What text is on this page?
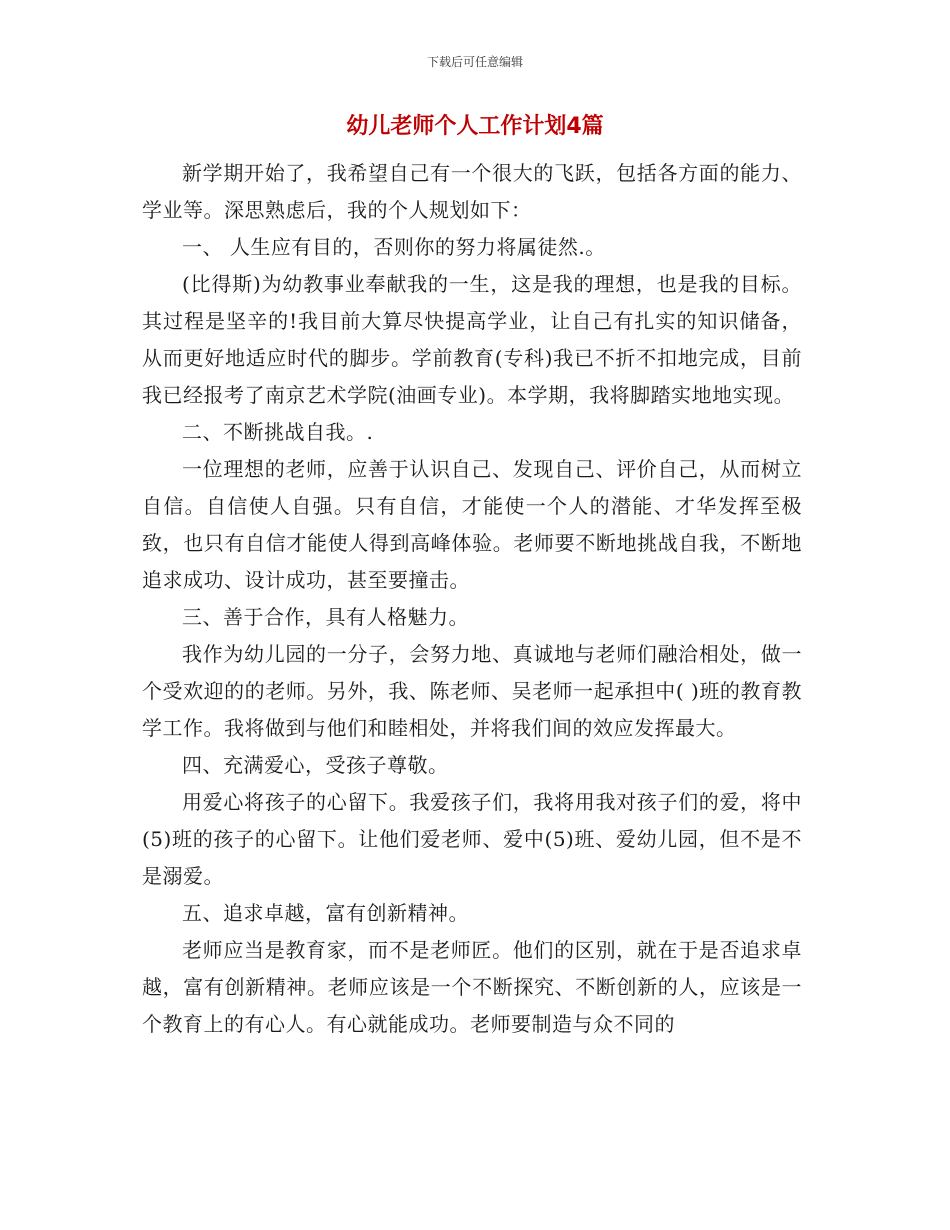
下载后可任意编辑
幼儿老师个人工作计划4篇

新学期开始了，我希望自己有一个很大的飞跃，包括各方面的能力、学业等。深思熟虑后，我的个人规划如下：

一、 人生应有目的，否则你的努力将属徒然.。

(比得斯)为幼教事业奉献我的一生，这是我的理想，也是我的目标。其过程是坚辛的!我目前大算尽快提高学业，让自己有扎实的知识储备，从而更好地适应时代的脚步。学前教育(专科)我已不折不扣地完成，目前我已经报考了南京艺术学院(油画专业)。本学期，我将脚踏实地地实现。

二、不断挑战自我。.

一位理想的老师，应善于认识自己、发现自己、评价自己，从而树立自信。自信使人自强。只有自信，才能使一个人的潜能、才华发挥至极致，也只有自信才能使人得到高峰体验。老师要不断地挑战自我，不断地追求成功、设计成功，甚至要撞击。

三、善于合作，具有人格魅力。

我作为幼儿园的一分子，会努力地、真诚地与老师们融洽相处，做一个受欢迎的的老师。另外，我、陈老师、吴老师一起承担中( )班的教育教学工作。我将做到与他们和睦相处，并将我们间的效应发挥最大。

四、充满爱心，受孩子尊敬。

用爱心将孩子的心留下。我爱孩子们，我将用我对孩子们的爱，将中(5)班的孩子的心留下。让他们爱老师、爱中(5)班、爱幼儿园，但不是不是溺爱。

五、追求卓越，富有创新精神。

老师应当是教育家，而不是老师匠。他们的区别，就在于是否追求卓越，富有创新精神。老师应该是一个不断探究、不断创新的人，应该是一个教育上的有心人。有心就能成功。老师要制造与众不同的
